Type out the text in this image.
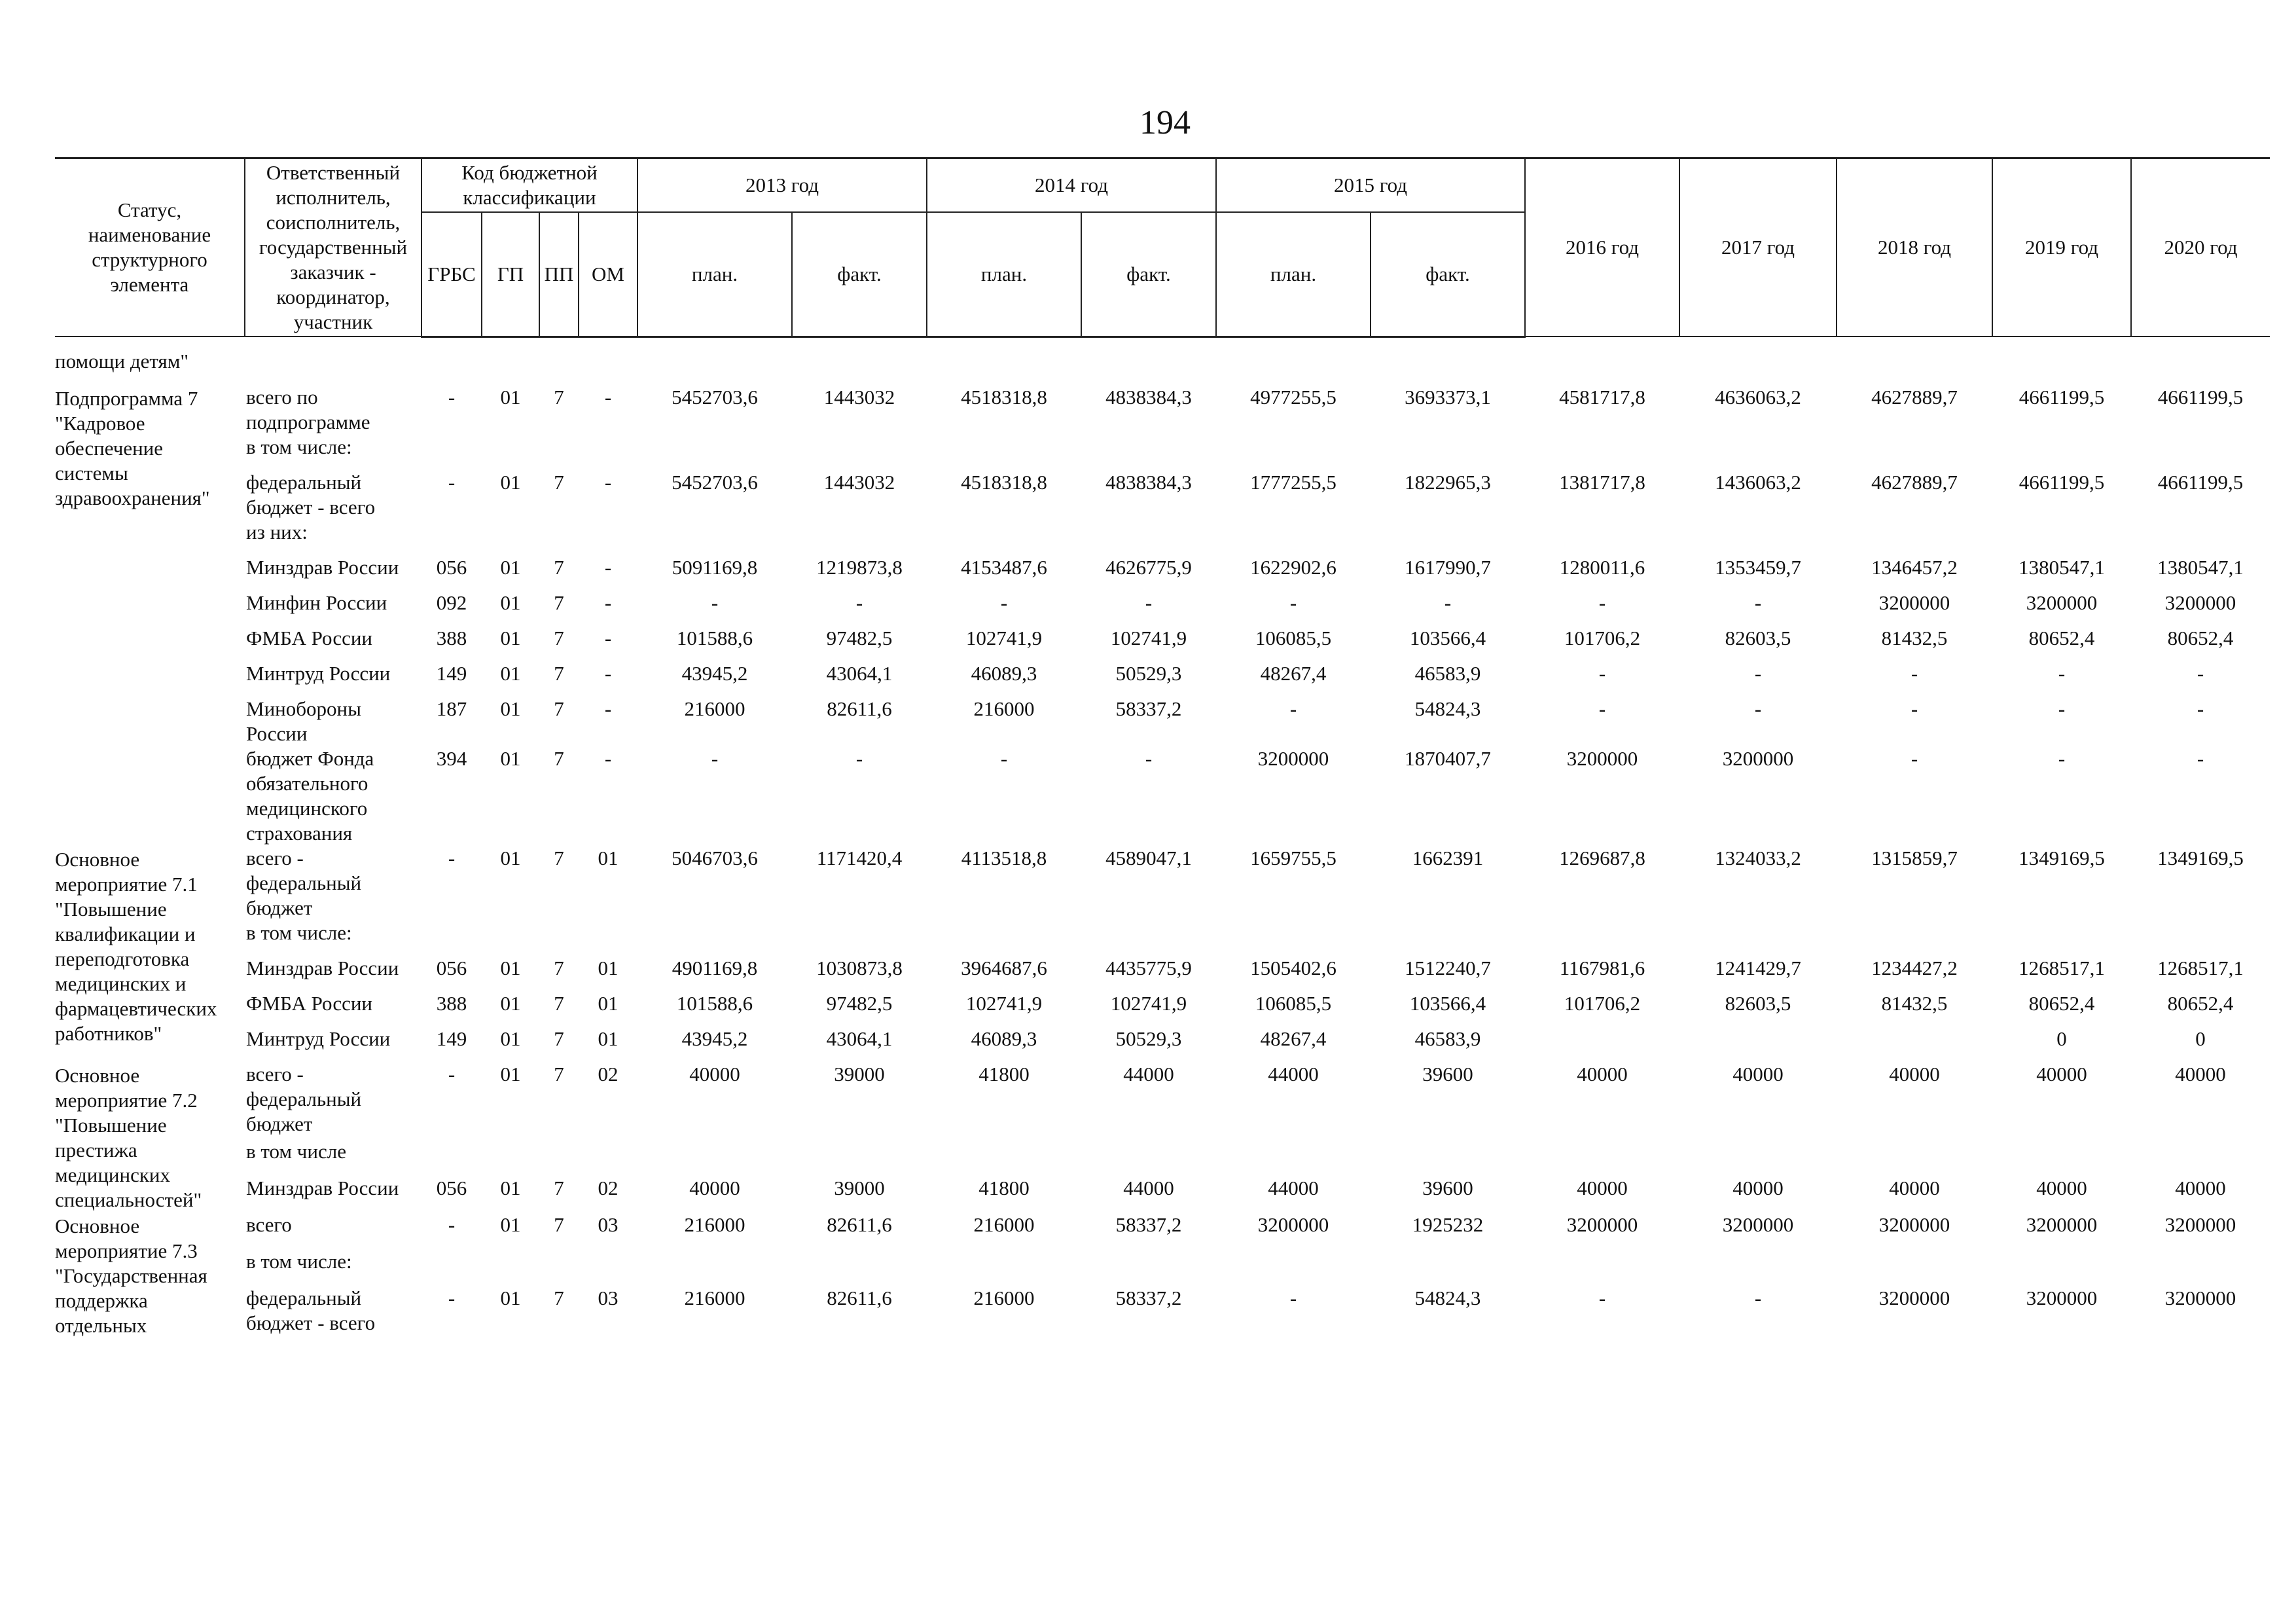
194
Статус, наименование структурного элемента	Ответственный исполнитель, соисполнитель, государственный заказчик - координатор, участник	Код бюджетной классификации				2013 год		2014 год		2015 год		2016 год	2017 год	2018 год	2019 год	2020 год
		ГРБС	ГП	ПП	ОМ	план.	факт.	план.	факт.	план.	факт.					
помощи детям"																
Подпрограмма 7 "Кадровое обеспечение системы здравоохранения"	всего по подпрограмме	-	01	7	-	5452703,6	1443032	4518318,8	4838384,3	4977255,5	3693373,1	4581717,8	4636063,2	4627889,7	4661199,5	4661199,5
	в том числе:															
	федеральный бюджет - всего	-	01	7	-	5452703,6	1443032	4518318,8	4838384,3	1777255,5	1822965,3	1381717,8	1436063,2	4627889,7	4661199,5	4661199,5
	из них:															
	Минздрав России	056	01	7	-	5091169,8	1219873,8	4153487,6	4626775,9	1622902,6	1617990,7	1280011,6	1353459,7	1346457,2	1380547,1	1380547,1
	Минфин России	092	01	7	-	-	-	-	-	-	-	-	-	3200000	3200000	3200000
	ФМБА России	388	01	7	-	101588,6	97482,5	102741,9	102741,9	106085,5	103566,4	101706,2	82603,5	81432,5	80652,4	80652,4
	Минтруд России	149	01	7	-	43945,2	43064,1	46089,3	50529,3	48267,4	46583,9	-	-	-	-	-
	Минобороны России	187	01	7	-	216000	82611,6	216000	58337,2	-	54824,3	-	-	-	-	-
	бюджет Фонда обязательного медицинского страхования	394	01	7	-	-	-	-	-	3200000	1870407,7	3200000	3200000	-	-	-
Основное мероприятие 7.1 "Повышение квалификации и переподготовка медицинских и фармацевтических работников"	всего - федеральный бюджет	-	01	7	01	5046703,6	1171420,4	4113518,8	4589047,1	1659755,5	1662391	1269687,8	1324033,2	1315859,7	1349169,5	1349169,5
	в том числе:															
	Минздрав России	056	01	7	01	4901169,8	1030873,8	3964687,6	4435775,9	1505402,6	1512240,7	1167981,6	1241429,7	1234427,2	1268517,1	1268517,1
	ФМБА России	388	01	7	01	101588,6	97482,5	102741,9	102741,9	106085,5	103566,4	101706,2	82603,5	81432,5	80652,4	80652,4
	Минтруд России	149	01	7	01	43945,2	43064,1	46089,3	50529,3	48267,4	46583,9				0	0
Основное мероприятие 7.2 "Повышение престижа медицинских специальностей"	всего - федеральный бюджет	-	01	7	02	40000	39000	41800	44000	44000	39600	40000	40000	40000	40000	40000
	в том числе															
	Минздрав России	056	01	7	02	40000	39000	41800	44000	44000	39600	40000	40000	40000	40000	40000
Основное мероприятие 7.3 "Государственная поддержка отдельных	всего	-	01	7	03	216000	82611,6	216000	58337,2	3200000	1925232	3200000	3200000	3200000	3200000	3200000
	в том числе:															
	федеральный бюджет - всего	-	01	7	03	216000	82611,6	216000	58337,2	-	54824,3	-	-	3200000	3200000	3200000
